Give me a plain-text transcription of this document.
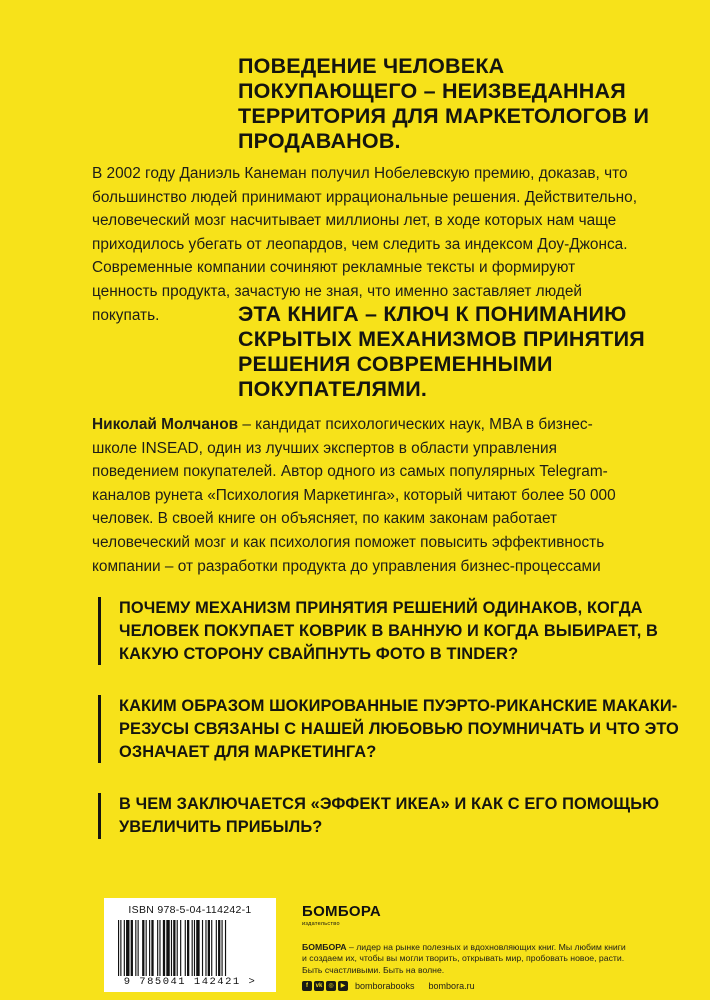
ПОВЕДЕНИЕ ЧЕЛОВЕКА ПОКУПАЮЩЕГО – НЕИЗВЕДАННАЯ ТЕРРИТОРИЯ ДЛЯ МАРКЕТОЛОГОВ И ПРОДАВАНОВ.
В 2002 году Даниэль Канеман получил Нобелевскую премию, доказав, что большинство людей принимают иррациональные решения. Действительно, человеческий мозг насчитывает миллионы лет, в ходе которых нам чаще приходилось убегать от леопардов, чем следить за индексом Доу-Джонса. Современные компании сочиняют рекламные тексты и формируют ценность продукта, зачастую не зная, что именно заставляет людей покупать.	ЭТА КНИГА – КЛЮЧ К ПОНИМАНИЮ СКРЫТЫХ МЕХАНИЗМОВ ПРИНЯТИЯ РЕШЕНИЯ СОВРЕМЕННЫМИ ПОКУПАТЕЛЯМИ.
Николай Молчанов – кандидат психологических наук, MBA в бизнес-школе INSEAD, один из лучших экспертов в области управления поведением покупателей. Автор одного из самых популярных Telegram-каналов рунета «Психология Маркетинга», который читают более 50 000 человек. В своей книге он объясняет, по каким законам работает человеческий мозг и как психология поможет повысить эффективность компании – от разработки продукта до управления бизнес-процессами
ПОЧЕМУ МЕХАНИЗМ ПРИНЯТИЯ РЕШЕНИЙ ОДИНАКОВ, КОГДА ЧЕЛОВЕК ПОКУПАЕТ КОВРИК В ВАННУЮ И КОГДА ВЫБИРАЕТ, В КАКУЮ СТОРОНУ СВАЙПНУТЬ ФОТО В TINDER?
КАКИМ ОБРАЗОМ ШОКИРОВАННЫЕ ПУЭРТО-РИКАНСКИЕ МАКАКИ-РЕЗУСЫ СВЯЗАНЫ С НАШЕЙ ЛЮБОВЬЮ ПОУМНИЧАТЬ И ЧТО ЭТО ОЗНАЧАЕТ ДЛЯ МАРКЕТИНГА?
В ЧЕМ ЗАКЛЮЧАЕТСЯ «ЭФФЕКТ ИКЕА» И КАК С ЕГО ПОМОЩЬЮ УВЕЛИЧИТЬ ПРИБЫЛЬ?
ISBN 978-5-04-114242-1
9 785041 142421 >
БОМБОРА
издательство
БОМБОРА – лидер на рынке полезных и вдохновляющих книг. Мы любим книги и создаем их, чтобы вы могли творить, открывать мир, пробовать новое, расти. Быть счастливыми. Быть на волне.
f	vk	◎	▶ bomborabooks bombora.ru
